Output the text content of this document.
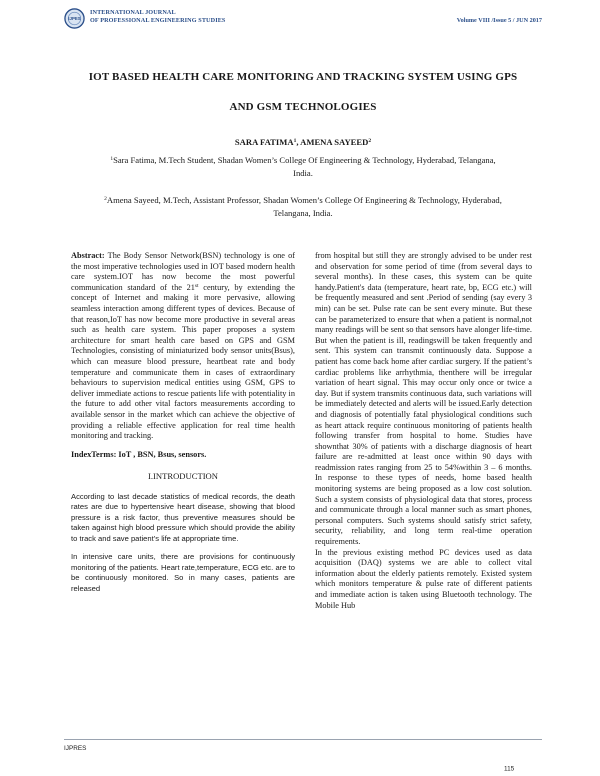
IJPES
INTERNATIONAL JOURNAL
OF PROFESSIONAL ENGINEERING STUDIES	Volume VIII /Issue 5 / JUN 2017
IOT BASED HEALTH CARE MONITORING AND TRACKING SYSTEM USING GPS
AND GSM TECHNOLOGIES
SARA FATIMA$^1$, AMENA SAYEED$^2$
$^1$Sara Fatima, M.Tech Student, Shadan Women’s College Of Engineering & Technology, Hyderabad, Telangana,
India.
$^2$Amena Sayeed, M.Tech, Assistant Professor, Shadan Women’s College Of Engineering & Technology, Hyderabad,
Telangana, India.

Abstract: The Body Sensor Network(BSN) technology is one of the most imperative technologies used in IOT based modern health care system.IOT has now become the most powerful communication standard of the 21st century, by extending the concept of Internet and making it more pervasive, allowing seamless interaction among different types of devices. Because of that reason,IoT has now become more productive in several areas such as health care system. This paper proposes a system architecture for smart health care based on GPS and GSM Technologies, consisting of miniaturized body sensor units(Bsus), which can measure blood pressure, heartbeat rate and body temperature and communicate them in cases of extraordinary behaviours to supervision medical entities using GSM, GPS to deliver immediate actions to rescue patients life with potentiality in the future to add other vital factors measurements according to available sensor in the market which can achieve the objective of providing a reliable effective application for real time health monitoring and tracking.

IndexTerms: IoT , BSN, Bsus, sensors.

I.INTRODUCTION

According to last decade statistics of medical records, the death rates are due to hypertensive heart disease, showing that blood pressure is a risk factor, thus preventive measures should be taken against high blood pressure which should provide the ability to track and save patient’s life at appropriate time.

In intensive care units, there are provisions for continuously monitoring of the patients. Heart rate,temperature, ECG etc. are to be continuously monitored. So in many cases, patients are released

from hospital but still they are strongly advised to be under rest and observation for some period of time (from several days to several months). In these cases, this system can be quite handy.Patient's data (temperature, heart rate, bp, ECG etc.) will be frequently measured and sent .Period of sending (say every 3 min) can be set. Pulse rate can be sent every minute. But these can be parameterized to ensure that when a patient is normal,not many readings will be sent so that sensors have alonger life-time. But when the patient is ill, readingswill be taken frequently and sent. This system can transmit continuously data. Suppose a patient has come back home after cardiac surgery. If the patient’s cardiac problems like arrhythmia, thenthere will be irregular variation of heart signal. This may occur only once or twice a day. But if system transmits continuous data, such variations will be immediately detected and alerts will be issued.Early detection and diagnosis of potentially fatal physiological conditions such as heart attack require continuous monitoring of patients health following transfer from hospital to home. Studies have shownthat 30% of patients with a discharge diagnosis of heart failure are re-admitted at least once within 90 days with readmission rates ranging from 25 to 54%within 3 – 6 months. In response to these types of needs, home based health monitoring systems are being proposed as a low cost solution. Such a system consists of physiological data that stores, process and communicate through a local manner such as smart phones, personal computers. Such systems should satisfy strict safety, security, reliability, and long term real-time operation requirements.

In the previous existing method PC devices used as data acquisition (DAQ) systems we are able to collect vital information about the elderly patients remotely. Existed system which monitors temperature & pulse rate of different patients and immediate action is taken using Bluetooth technology. The Mobile Hub

IJPRES
115
